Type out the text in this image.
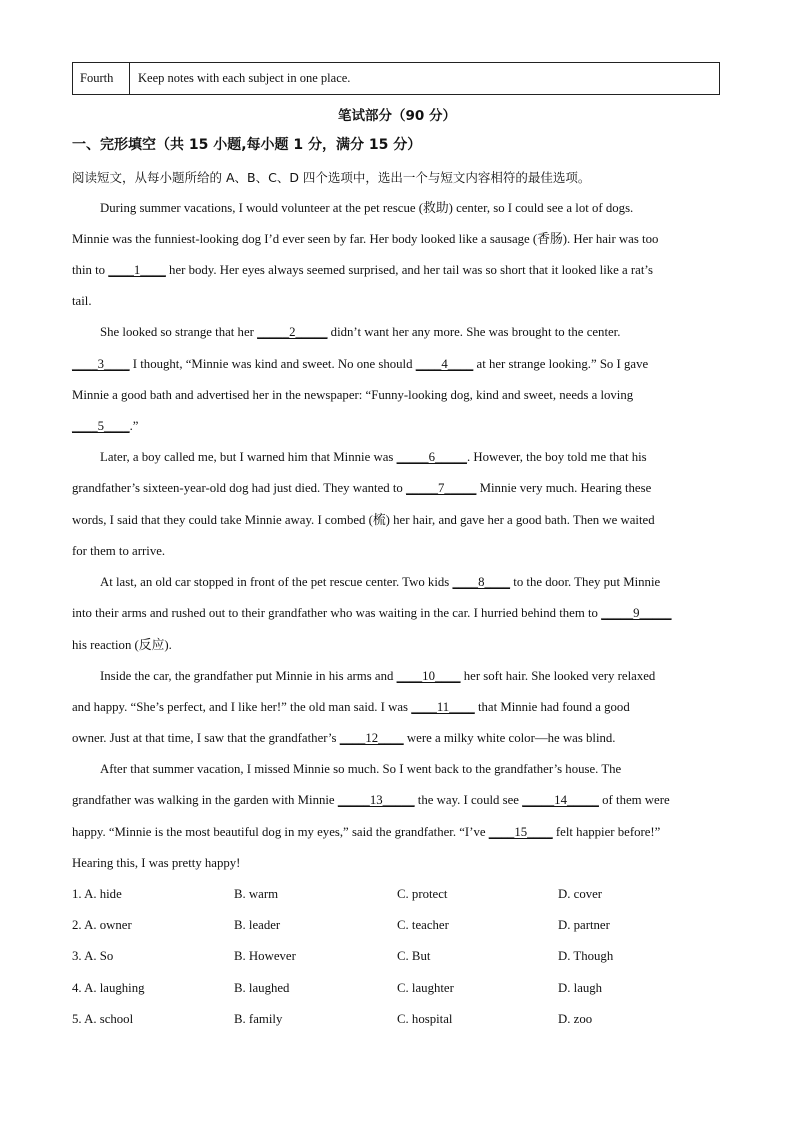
Fourth	Keep notes with each subject in one place.
笔试部分（90 分）
一、完形填空（共 15 小题,每小题 1 分，满分 15 分）
阅读短文，从每小题所给的 A、B、C、D 四个选项中，选出一个与短文内容相符的最佳选项。
During summer vacations, I would volunteer at the pet rescue (救助) center, so I could see a lot of dogs.
Minnie was the funniest-looking dog I’d ever seen by far. Her body looked like a sausage (香肠). Her hair was too
thin to ____1____ her body. Her eyes always seemed surprised, and her tail was so short that it looked like a rat’s
tail.
She looked so strange that her _____2_____ didn’t want her any more. She was brought to the center.
____3____ I thought, “Minnie was kind and sweet. No one should ____4____ at her strange looking.” So I gave
Minnie a good bath and advertised her in the newspaper: “Funny-looking dog, kind and sweet, needs a loving
____5____.”
Later, a boy called me, but I warned him that Minnie was _____6_____. However, the boy told me that his
grandfather’s sixteen-year-old dog had just died. They wanted to _____7_____ Minnie very much. Hearing these
words, I said that they could take Minnie away. I combed (梳) her hair, and gave her a good bath. Then we waited
for them to arrive.
At last, an old car stopped in front of the pet rescue center. Two kids ____8____ to the door. They put Minnie
into their arms and rushed out to their grandfather who was waiting in the car. I hurried behind them to _____9_____
his reaction (反应).
Inside the car, the grandfather put Minnie in his arms and ____10____ her soft hair. She looked very relaxed
and happy. “She’s perfect, and I like her!” the old man said. I was ____11____ that Minnie had found a good
owner. Just at that time, I saw that the grandfather’s ____12____ were a milky white color—he was blind.
After that summer vacation, I missed Minnie so much. So I went back to the grandfather’s house. The
grandfather was walking in the garden with Minnie _____13_____ the way. I could see _____14_____ of them were
happy. “Minnie is the most beautiful dog in my eyes,” said the grandfather. “I’ve ____15____ felt happier before!”
Hearing this, I was pretty happy!
1. A. hide	B. warm	C. protect	D. cover
2. A. owner	B. leader	C. teacher	D. partner
3. A. So	B. However	C. But	D. Though
4. A. laughing	B. laughed	C. laughter	D. laugh
5. A. school	B. family	C. hospital	D. zoo
